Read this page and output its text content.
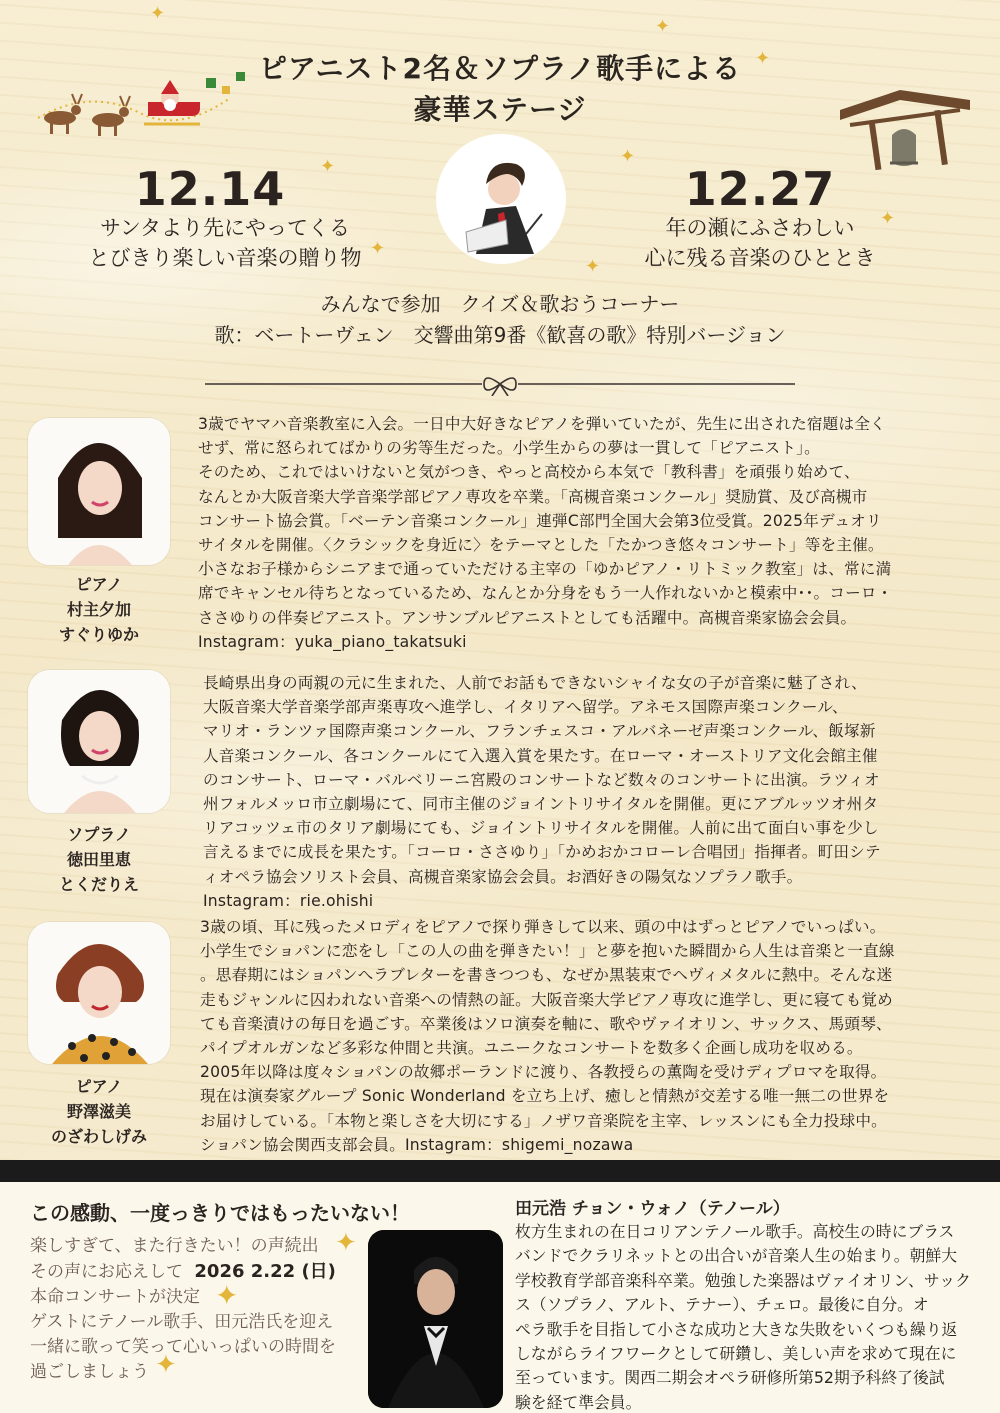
✦
✦
✦	✦
✦
✦
✦
✦
ピアニスト2名＆ソプラノ歌手による
豪華ステージ
12.14
サンタより先にやってくる
とびきり楽しい音楽の贈り物
12.27
年の瀬にふさわしい
心に残る音楽のひととき
みんなで参加　クイズ＆歌おうコーナー
歌：ベートーヴェン　交響曲第9番《歓喜の歌》特別バージョン
ピアノ
村主夕加
すぐりゆか
3歳でヤマハ音楽教室に入会。一日中大好きなピアノを弾いていたが、先生に出された宿題は全く
せず、常に怒られてばかりの劣等生だった。小学生からの夢は一貫して「ピアニスト」。
そのため、これではいけないと気がつき、やっと高校から本気で「教科書」を頑張り始めて、
なんとか大阪音楽大学音楽学部ピアノ専攻を卒業。「高槻音楽コンクール」奨励賞、及び高槻市
コンサート協会賞。「ベーテン音楽コンクール」連弾C部門全国大会第3位受賞。2025年デュオリ
サイタルを開催。〈クラシックを身近に〉をテーマとした「たかつき悠々コンサート」等を主催。
小さなお子様からシニアまで通っていただける主宰の「ゆかピアノ・リトミック教室」は、常に満
席でキャンセル待ちとなっているため、なんとか分身をもう一人作れないかと模索中･･。コーロ・
ささゆりの伴奏ピアニスト。アンサンブルピアニストとしても活躍中。高槻音楽家協会会員。
Instagram：yuka_piano_takatsuki
ソプラノ
徳田里恵
とくだりえ
長崎県出身の両親の元に生まれた、人前でお話もできないシャイな女の子が音楽に魅了され、
大阪音楽大学音楽学部声楽専攻へ進学し、イタリアへ留学。アネモス国際声楽コンクール、
マリオ・ランツァ国際声楽コンクール、フランチェスコ・アルバネーゼ声楽コンクール、飯塚新
人音楽コンクール、各コンクールにて入選入賞を果たす。在ローマ・オーストリア文化会館主催
のコンサート、ローマ・バルベリーニ宮殿のコンサートなど数々のコンサートに出演。ラツィオ
州フォルメッロ市立劇場にて、同市主催のジョイントリサイタルを開催。更にアブルッツオ州タ
リアコッツェ市のタリア劇場にても、ジョイントリサイタルを開催。人前に出て面白い事を少し
言えるまでに成長を果たす。「コーロ・ささゆり」「かめおかコローレ合唱団」指揮者。町田シテ
ィオペラ協会ソリスト会員、高槻音楽家協会会員。お酒好きの陽気なソプラノ歌手。
Instagram：rie.ohishi
ピアノ
野澤滋美
のざわしげみ
3歳の頃、耳に残ったメロディをピアノで探り弾きして以来、頭の中はずっとピアノでいっぱい。
小学生でショパンに恋をし「この人の曲を弾きたい！」と夢を抱いた瞬間から人生は音楽と一直線
。思春期にはショパンへラブレターを書きつつも、なぜか黒装束でヘヴィメタルに熱中。そんな迷
走もジャンルに囚われない音楽への情熱の証。大阪音楽大学ピアノ専攻に進学し、更に寝ても覚め
ても音楽漬けの毎日を過ごす。卒業後はソロ演奏を軸に、歌やヴァイオリン、サックス、馬頭琴、
パイプオルガンなど多彩な仲間と共演。ユニークなコンサートを数多く企画し成功を収める。
2005年以降は度々ショパンの故郷ポーランドに渡り、各教授らの薫陶を受けディプロマを取得。
現在は演奏家グループ Sonic Wonderland を立ち上げ、癒しと情熱が交差する唯一無二の世界を
お届けしている。「本物と楽しさを大切にする」ノザワ音楽院を主宰、レッスンにも全力投球中。
ショパン協会関西支部会員。Instagram：shigemi_nozawa
この感動、一度っきりではもったいない！
楽しすぎて、また行きたい！の声続出
その声にお応えして 2026 2.22 (日)
本命コンサートが決定
ゲストにテノール歌手、田元浩氏を迎え
一緒に歌って笑って心いっぱいの時間を
過ごしましょう
✦
✦
✦
田元浩 チョン・ウォノ（テノール）
枚方生まれの在日コリアンテノール歌手。高校生の時にブラス
バンドでクラリネットとの出合いが音楽人生の始まり。朝鮮大
学校教育学部音楽科卒業。勉強した楽器はヴァイオリン、サック
ス（ソプラノ、アルト、テナー）、チェロ。最後に自分。オ
ペラ歌手を目指して小さな成功と大きな失敗をいくつも繰り返
しながらライフワークとして研鑽し、美しい声を求めて現在に
至っています。関西二期会オペラ研修所第52期予科終了後試
験を経て準会員。
